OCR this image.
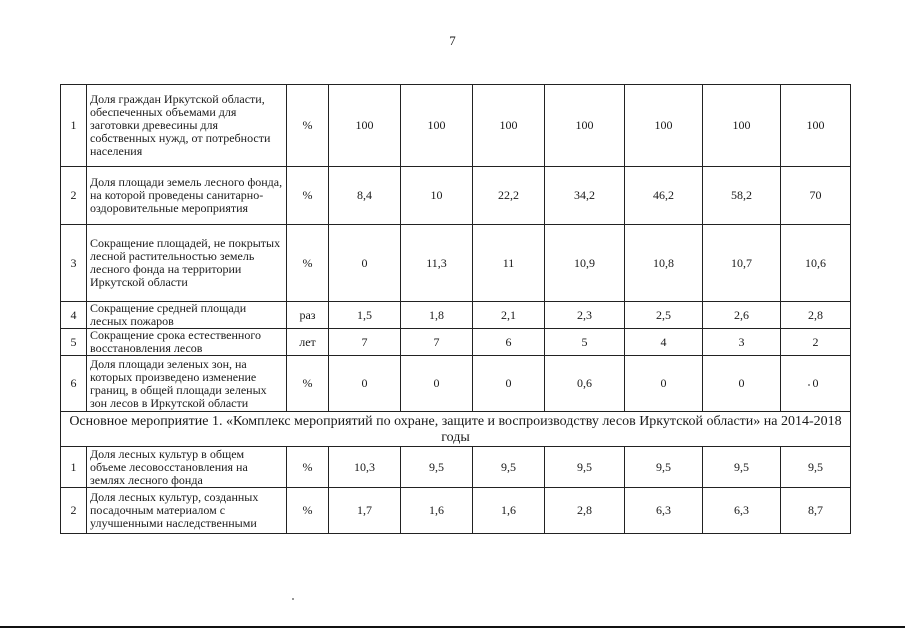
7
1	Доля граждан Иркутской области, обеспеченных объемами для заготовки древесины для собственных нужд, от потребности населения	%	100	100	100	100	100	100	100
2	Доля площади земель лесного фонда, на которой проведены санитарно-оздоровительные мероприятия	%	8,4	10	22,2	34,2	46,2	58,2	70
3	Сокращение площадей, не покрытых лесной растительностью земель лесного фонда на территории Иркутской области	%	0	11,3	11	10,9	10,8	10,7	10,6
4	Сокращение средней площади лесных пожаров	раз	1,5	1,8	2,1	2,3	2,5	2,6	2,8
5	Сокращение срока естественного восстановления лесов	лет	7	7	6	5	4	3	2
6	Доля площади зеленых зон, на которых произведено изменение границ, в общей площади зеленых зон лесов в Иркутской области	%	0	0	0	0,6	0	0	0
Основное мероприятие 1. «Комплекс мероприятий по охране, защите и воспроизводству лесов Иркутской области» на 2014-2018 годы									
1	Доля лесных культур в общем объеме лесовосстановления на землях лесного фонда	%	10,3	9,5	9,5	9,5	9,5	9,5	9,5
2	Доля лесных культур, созданных посадочным материалом с улучшенными наследственными	%	1,7	1,6	1,6	2,8	6,3	6,3	8,7
